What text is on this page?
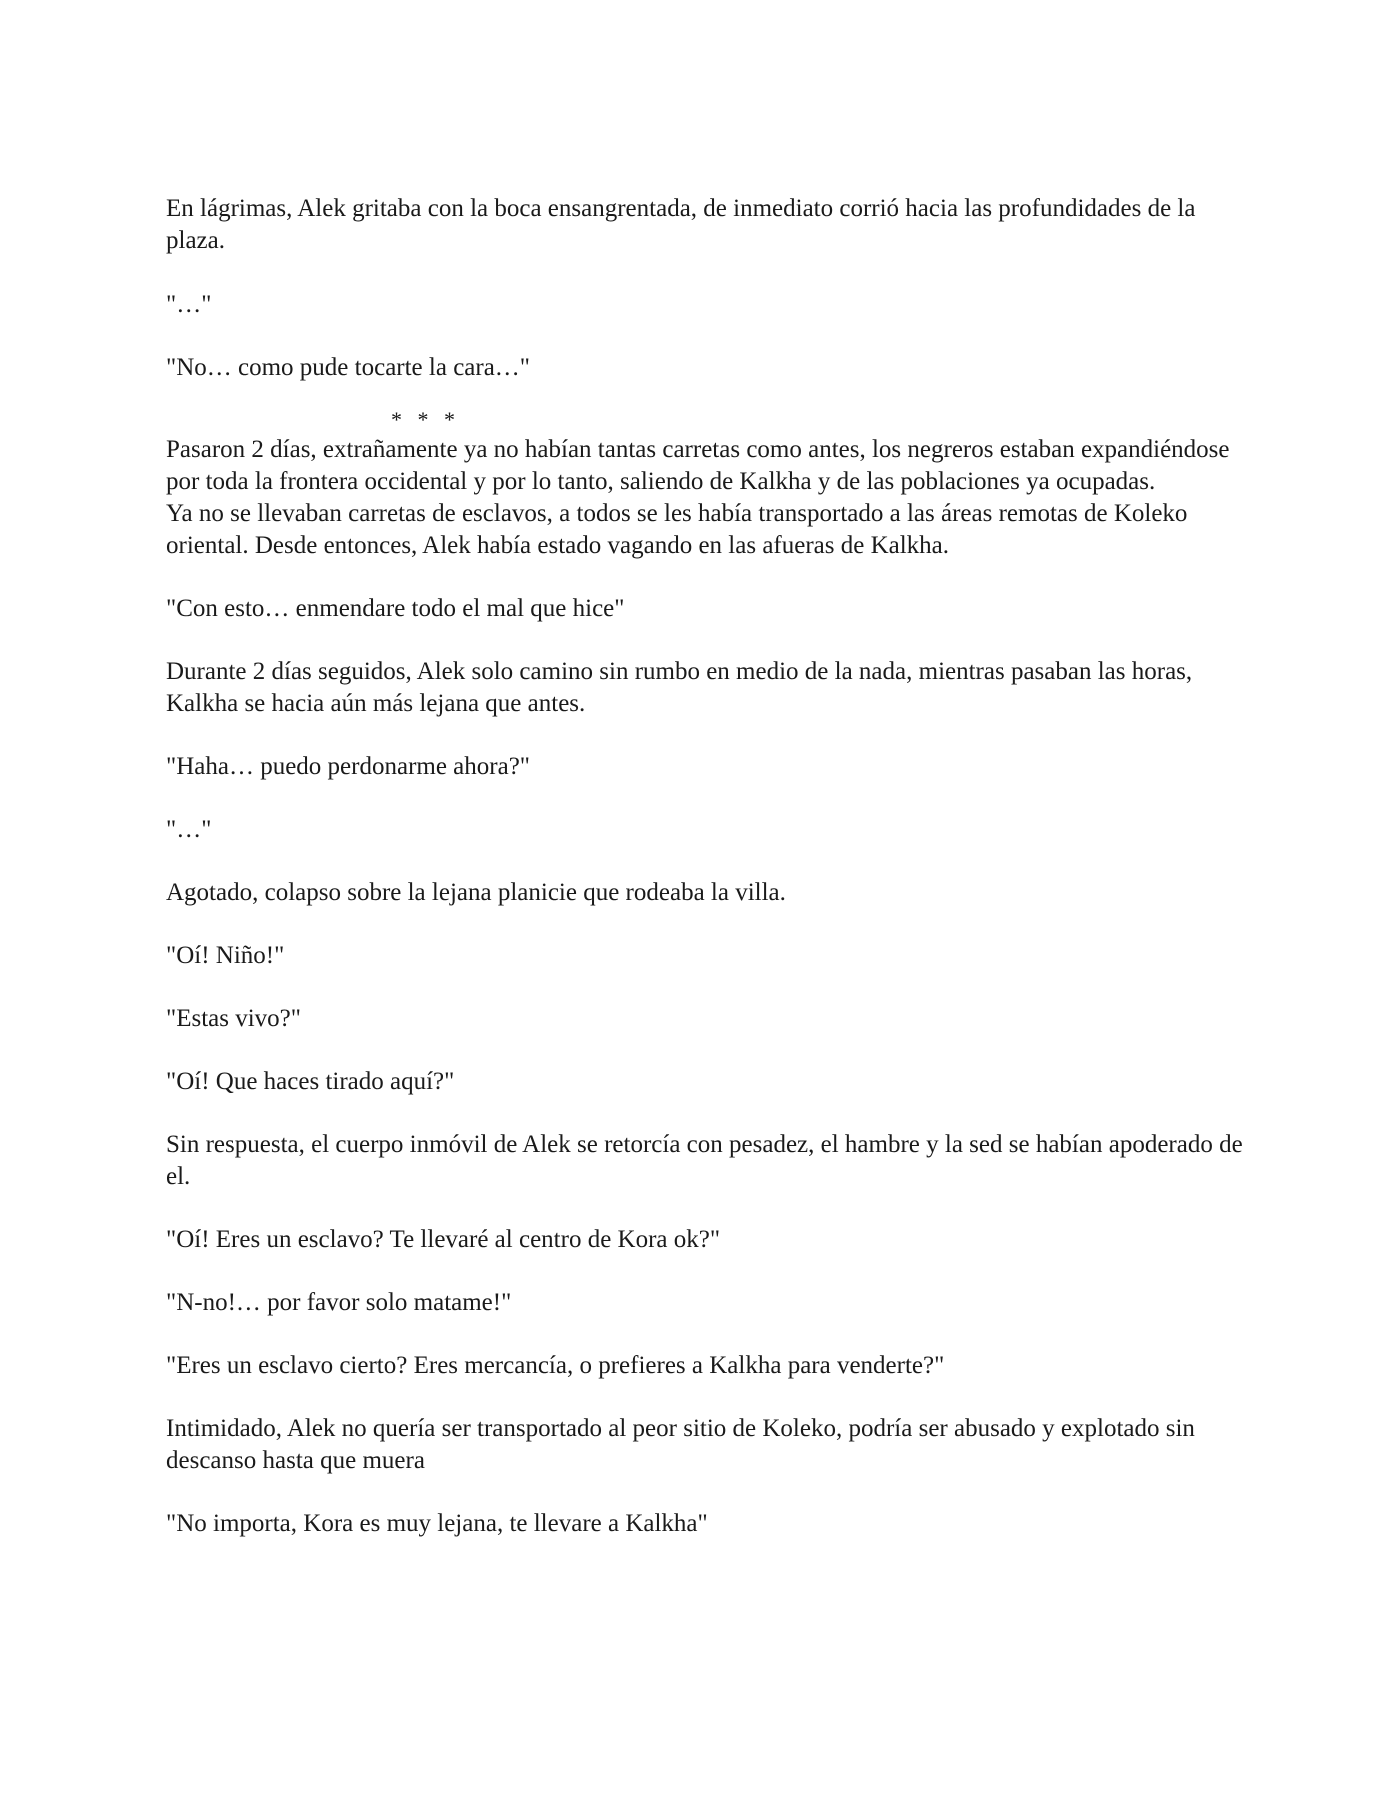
En lágrimas, Alek gritaba con la boca ensangrentada, de inmediato corrió hacia las profundidades de la plaza.

"…"

"No… como pude tocarte la cara…"

* * *

Pasaron 2 días, extrañamente ya no habían tantas carretas como antes, los negreros estaban expandiéndose por toda la frontera occidental y por lo tanto, saliendo de Kalkha y de las poblaciones ya ocupadas.

Ya no se llevaban carretas de esclavos, a todos se les había transportado a las áreas remotas de Koleko oriental. Desde entonces, Alek había estado vagando en las afueras de Kalkha.

"Con esto… enmendare todo el mal que hice"

Durante 2 días seguidos, Alek solo camino sin rumbo en medio de la nada, mientras pasaban las horas, Kalkha se hacia aún más lejana que antes.

"Haha… puedo perdonarme ahora?"

"…"

Agotado, colapso sobre la lejana planicie que rodeaba la villa.

"Oí! Niño!"

"Estas vivo?"

"Oí! Que haces tirado aquí?"

Sin respuesta, el cuerpo inmóvil de Alek se retorcía con pesadez, el hambre y la sed se habían apoderado de el.

"Oí! Eres un esclavo? Te llevaré al centro de Kora ok?"

"N-no!… por favor solo matame!"

"Eres un esclavo cierto? Eres mercancía, o prefieres a Kalkha para venderte?"

Intimidado, Alek no quería ser transportado al peor sitio de Koleko, podría ser abusado y explotado sin descanso hasta que muera

"No importa, Kora es muy lejana, te llevare a Kalkha"
